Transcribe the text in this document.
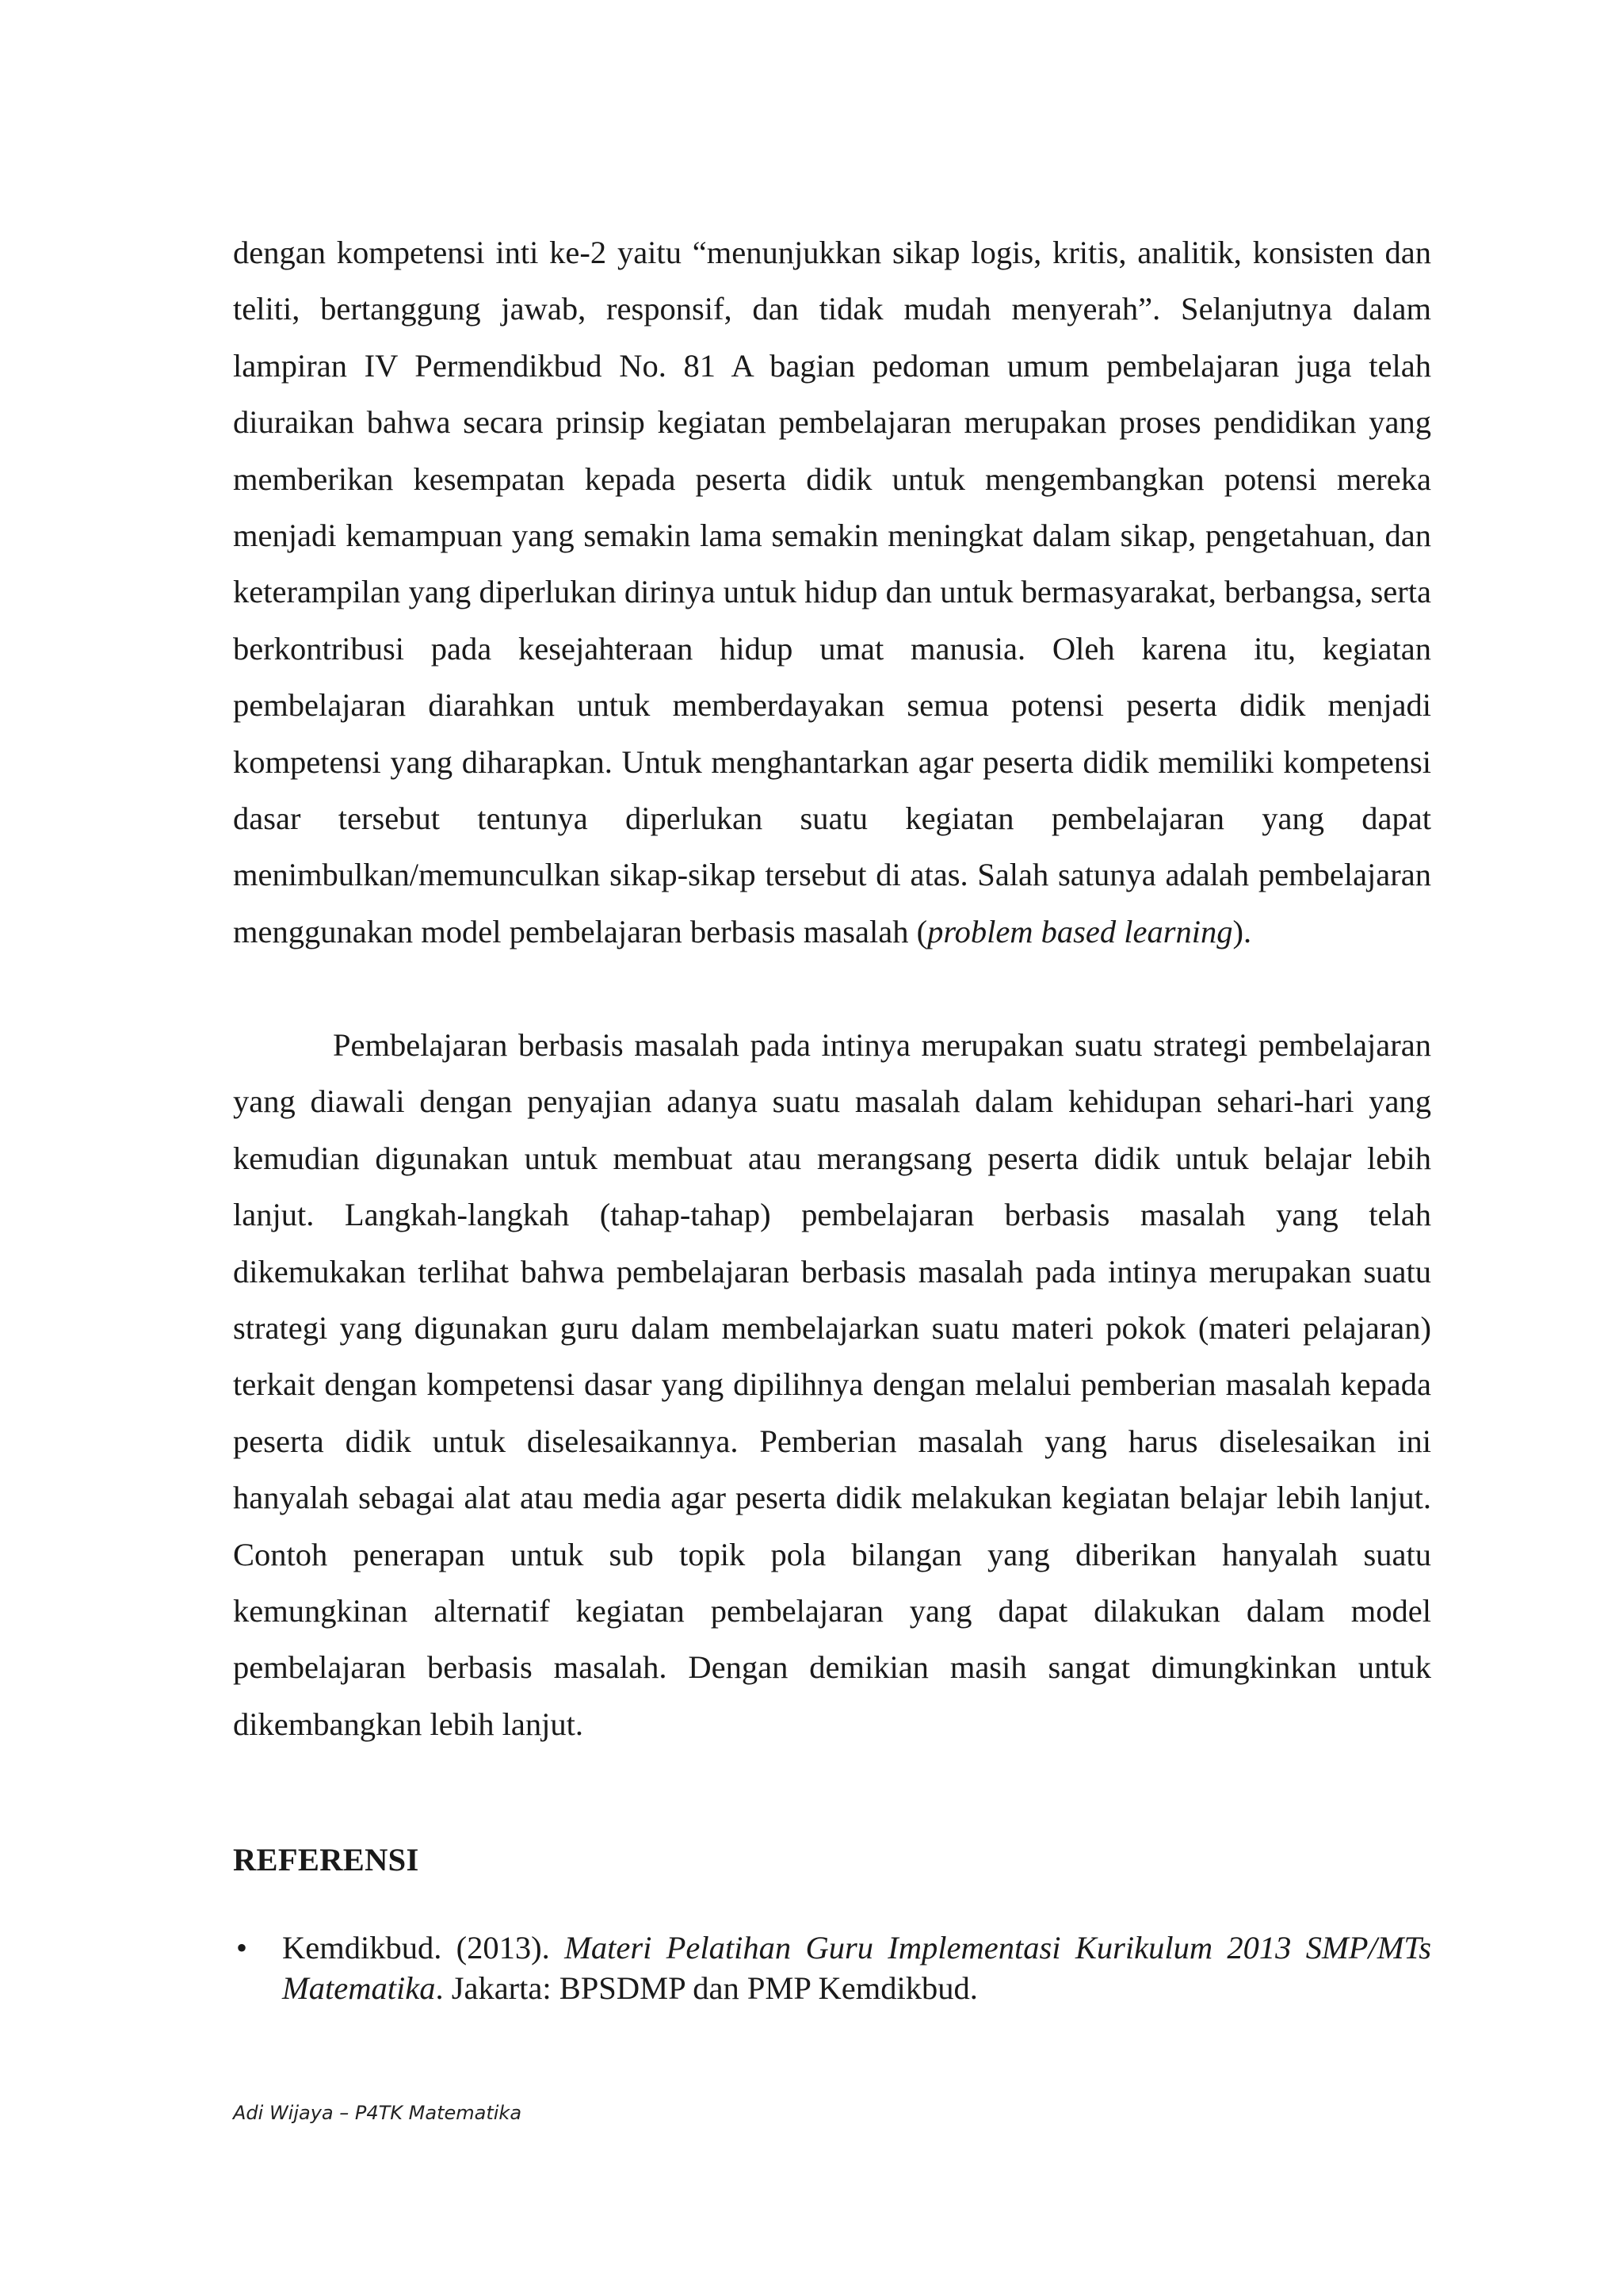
dengan kompetensi inti ke-2 yaitu “menunjukkan sikap logis, kritis, analitik, konsisten dan teliti, bertanggung jawab, responsif, dan tidak mudah menyerah”. Selanjutnya dalam lampiran IV Permendikbud No. 81 A bagian pedoman umum pembelajaran juga telah diuraikan bahwa secara prinsip kegiatan pembelajaran merupakan proses pendidikan yang memberikan kesempatan kepada peserta didik untuk mengembangkan potensi mereka menjadi kemampuan yang semakin lama semakin meningkat dalam sikap, pengetahuan, dan keterampilan yang diperlukan dirinya untuk hidup dan untuk bermasyarakat, berbangsa, serta berkontribusi pada kesejahteraan hidup umat manusia. Oleh karena itu, kegiatan pembelajaran diarahkan untuk memberdayakan semua potensi peserta didik menjadi kompetensi yang diharapkan. Untuk menghantarkan agar peserta didik memiliki kompetensi dasar tersebut tentunya diperlukan suatu kegiatan pembelajaran yang dapat menimbulkan/memunculkan sikap-sikap tersebut di atas. Salah satunya adalah pembelajaran menggunakan model pembelajaran berbasis masalah (problem based learning).

Pembelajaran berbasis masalah pada intinya merupakan suatu strategi pembelajaran yang diawali dengan penyajian adanya suatu masalah dalam kehidupan sehari-hari yang kemudian digunakan untuk membuat atau merangsang peserta didik untuk belajar lebih lanjut. Langkah-langkah (tahap-tahap) pembelajaran berbasis masalah yang telah dikemukakan terlihat bahwa pembelajaran berbasis masalah pada intinya merupakan suatu strategi yang digunakan guru dalam membelajarkan suatu materi pokok (materi pelajaran) terkait dengan kompetensi dasar yang dipilihnya dengan melalui pemberian masalah kepada peserta didik untuk diselesaikannya. Pemberian masalah yang harus diselesaikan ini hanyalah sebagai alat atau media agar peserta didik melakukan kegiatan belajar lebih lanjut. Contoh penerapan untuk sub topik pola bilangan yang diberikan hanyalah suatu kemungkinan alternatif kegiatan pembelajaran yang dapat dilakukan dalam model pembelajaran berbasis masalah. Dengan demikian masih sangat dimungkinkan untuk dikembangkan lebih lanjut.

REFERENSI
• Kemdikbud. (2013). Materi Pelatihan Guru Implementasi Kurikulum 2013 SMP/MTs Matematika. Jakarta: BPSDMP dan PMP Kemdikbud.
Adi Wijaya – P4TK Matematika
